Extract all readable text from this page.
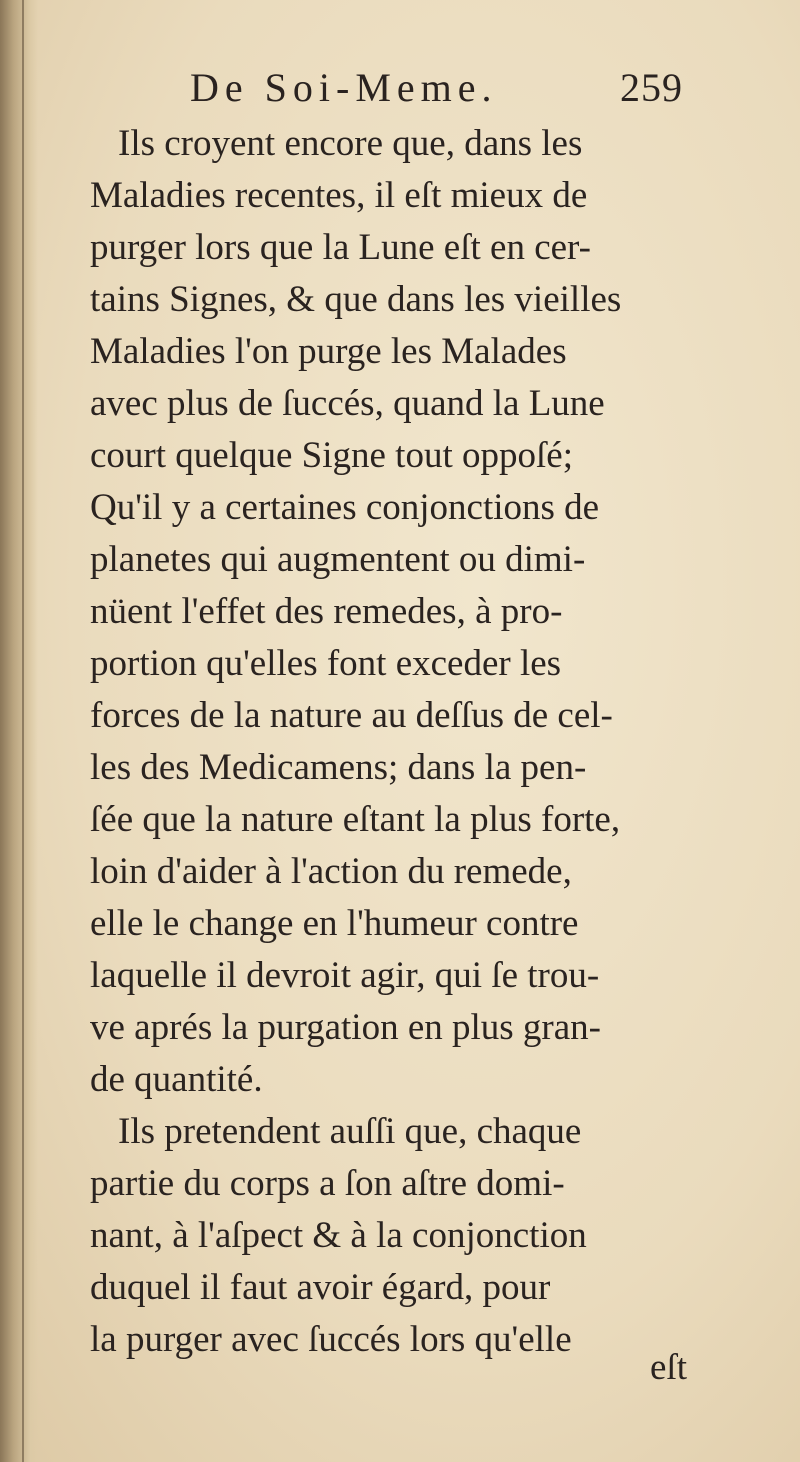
De Soi-Meme.	259
Ils croyent encore que, dans les
Maladies recentes, il eſt mieux de
purger lors que la Lune eſt en cer-
tains Signes, & que dans les vieilles
Maladies l'on purge les Malades
avec plus de ſuccés, quand la Lune
court quelque Signe tout oppoſé;
Qu'il y a certaines conjonctions de
planetes qui augmentent ou dimi-
nüent l'effet des remedes, à pro-
portion qu'elles font exceder les
forces de la nature au deſſus de cel-
les des Medicamens; dans la pen-
ſée que la nature eſtant la plus forte,
loin d'aider à l'action du remede,
elle le change en l'humeur contre
laquelle il devroit agir, qui ſe trou-
ve aprés la purgation en plus gran-
de quantité.
Ils pretendent auſſi que, chaque
partie du corps a ſon aſtre domi-
nant, à l'aſpect & à la conjonction
duquel il faut avoir égard, pour
la purger avec ſuccés lors qu'elle
eſt
